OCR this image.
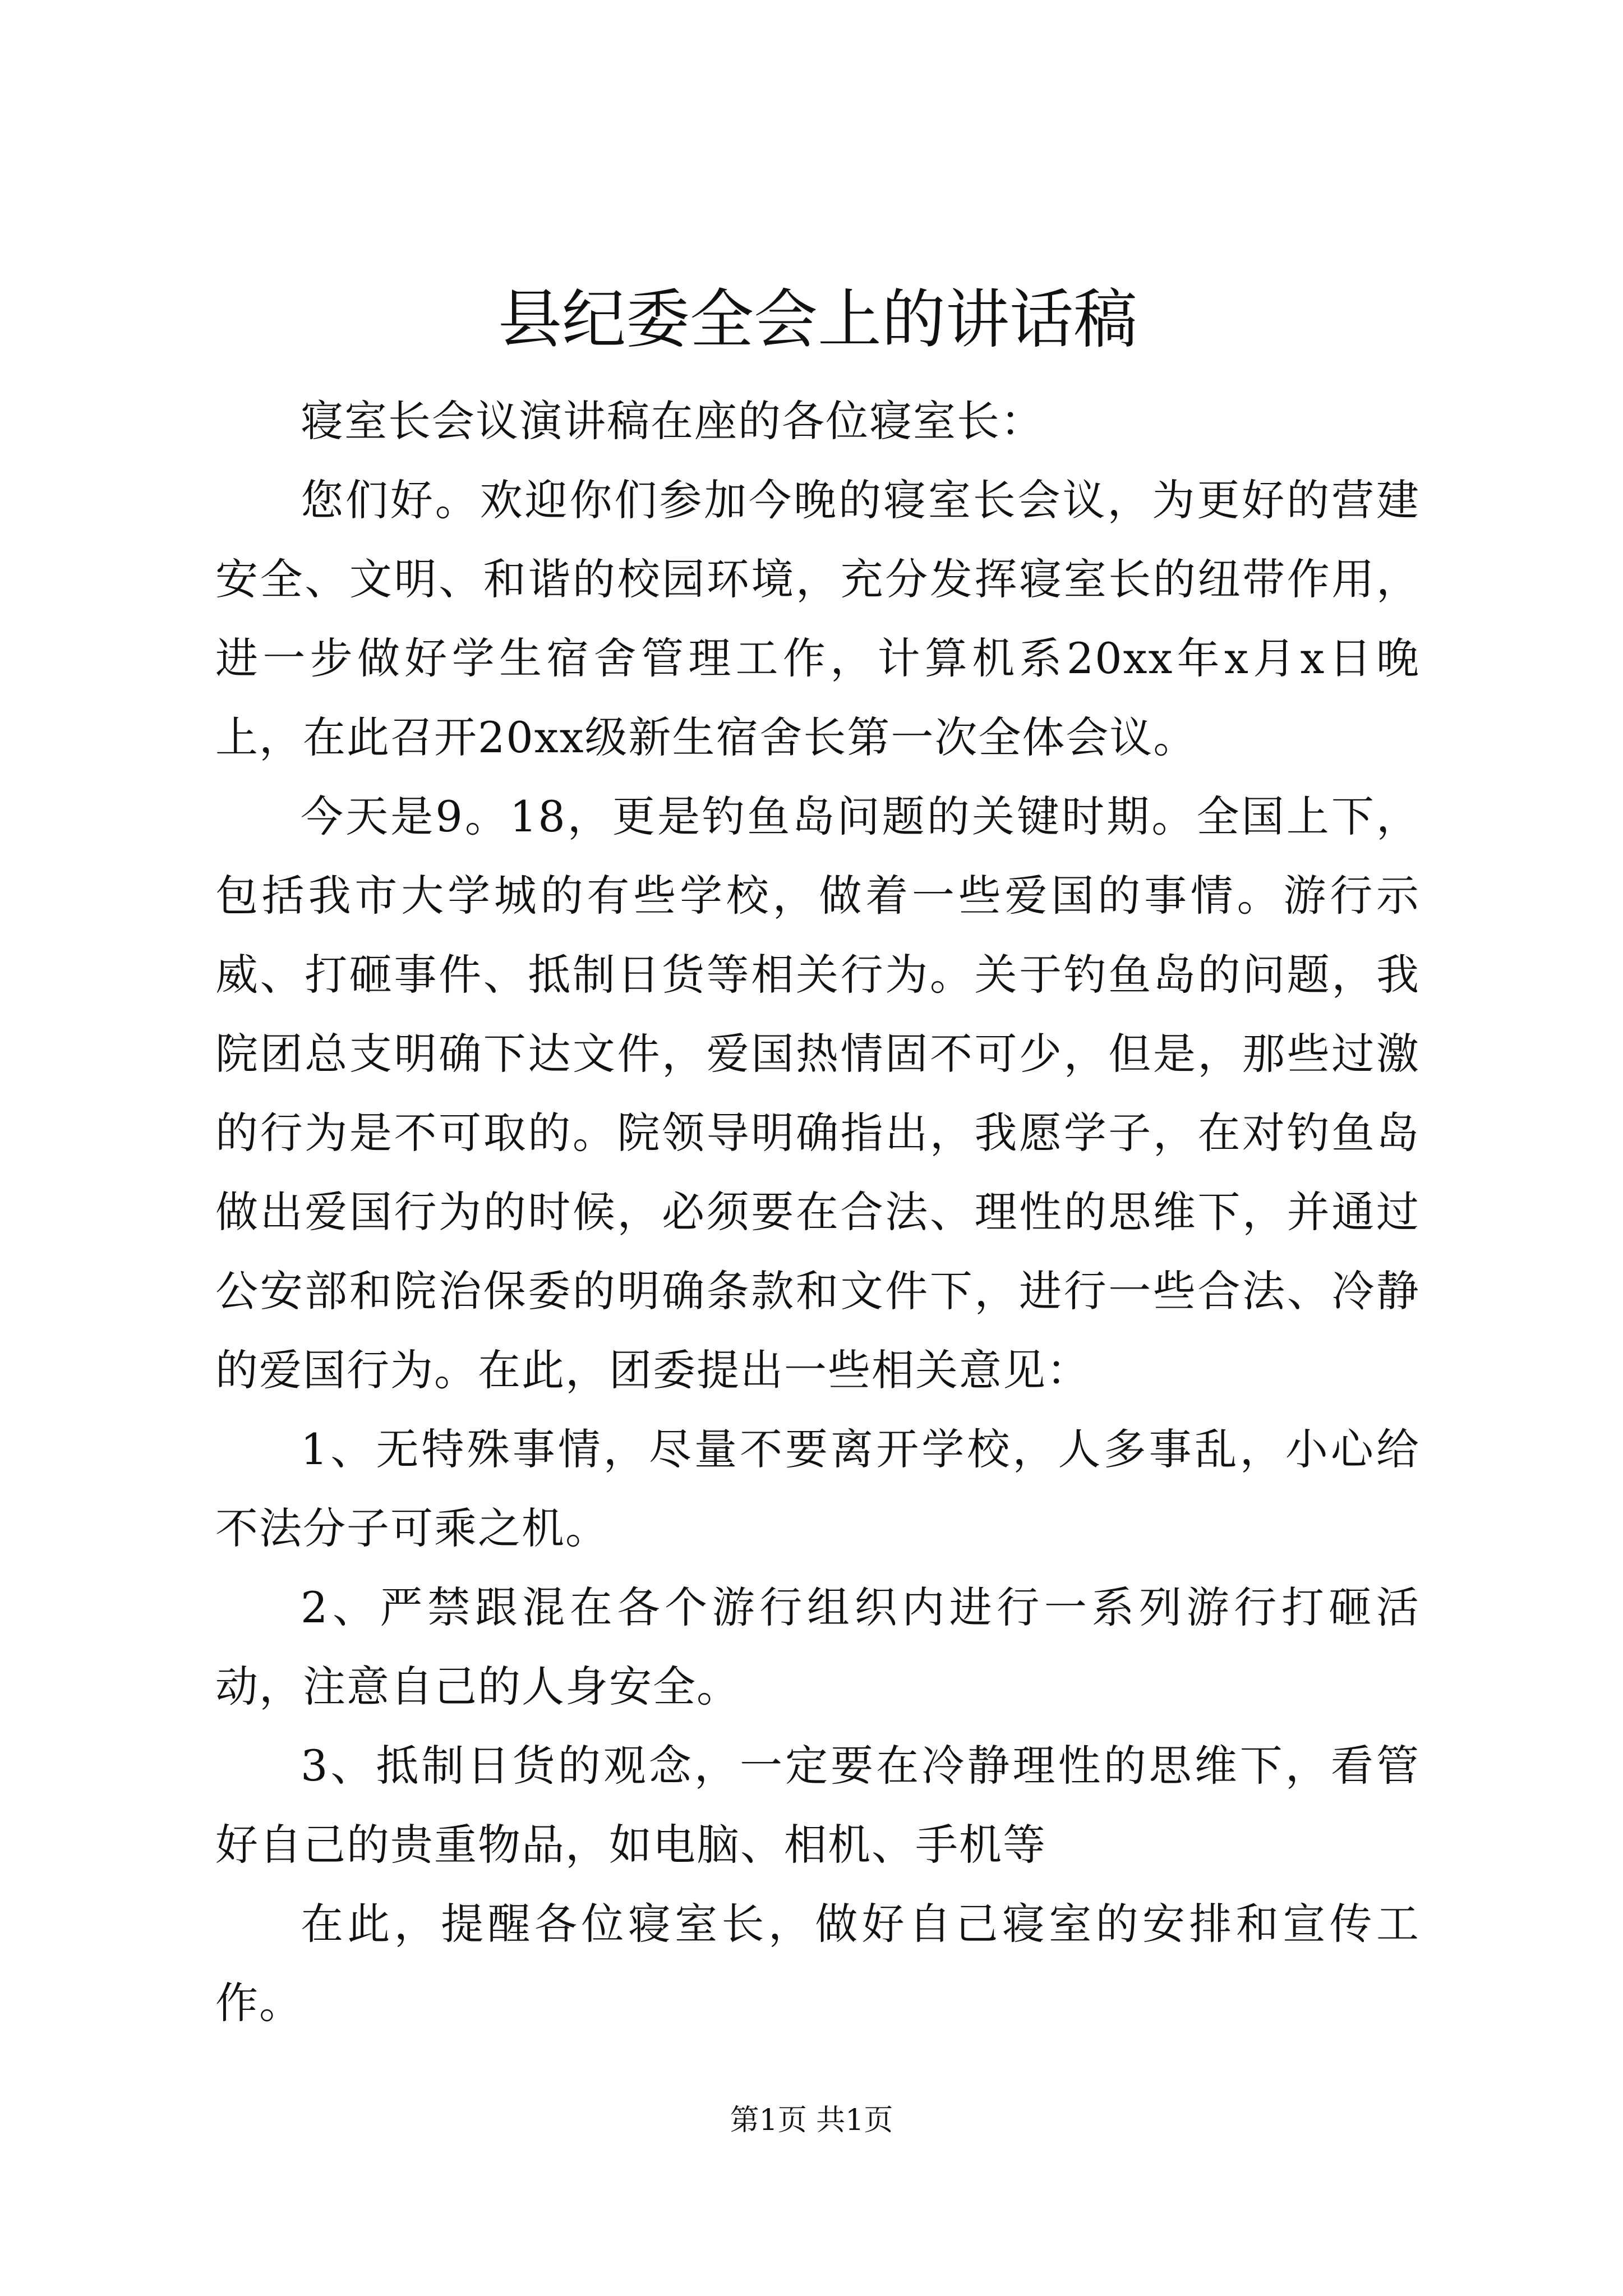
县纪委全会上的讲话稿

寝室长会议演讲稿在座的各位寝室长：

您们好。欢迎你们参加今晚的寝室长会议，为更好的营建安全、文明、和谐的校园环境，充分发挥寝室长的纽带作用，进一步做好学生宿舍管理工作，计算机系20xx年x月x日晚上，在此召开20xx级新生宿舍长第一次全体会议。

今天是9。18，更是钓鱼岛问题的关键时期。全国上下，包括我市大学城的有些学校，做着一些爱国的事情。游行示威、打砸事件、抵制日货等相关行为。关于钓鱼岛的问题，我院团总支明确下达文件，爱国热情固不可少，但是，那些过激的行为是不可取的。院领导明确指出，我愿学子，在对钓鱼岛做出爱国行为的时候，必须要在合法、理性的思维下，并通过公安部和院治保委的明确条款和文件下，进行一些合法、冷静的爱国行为。在此，团委提出一些相关意见：

1、无特殊事情，尽量不要离开学校，人多事乱，小心给不法分子可乘之机。

2、严禁跟混在各个游行组织内进行一系列游行打砸活动，注意自己的人身安全。

3、抵制日货的观念，一定要在冷静理性的思维下，看管好自己的贵重物品，如电脑、相机、手机等

在此，提醒各位寝室长，做好自己寝室的安排和宣传工作。

第1页 共1页
